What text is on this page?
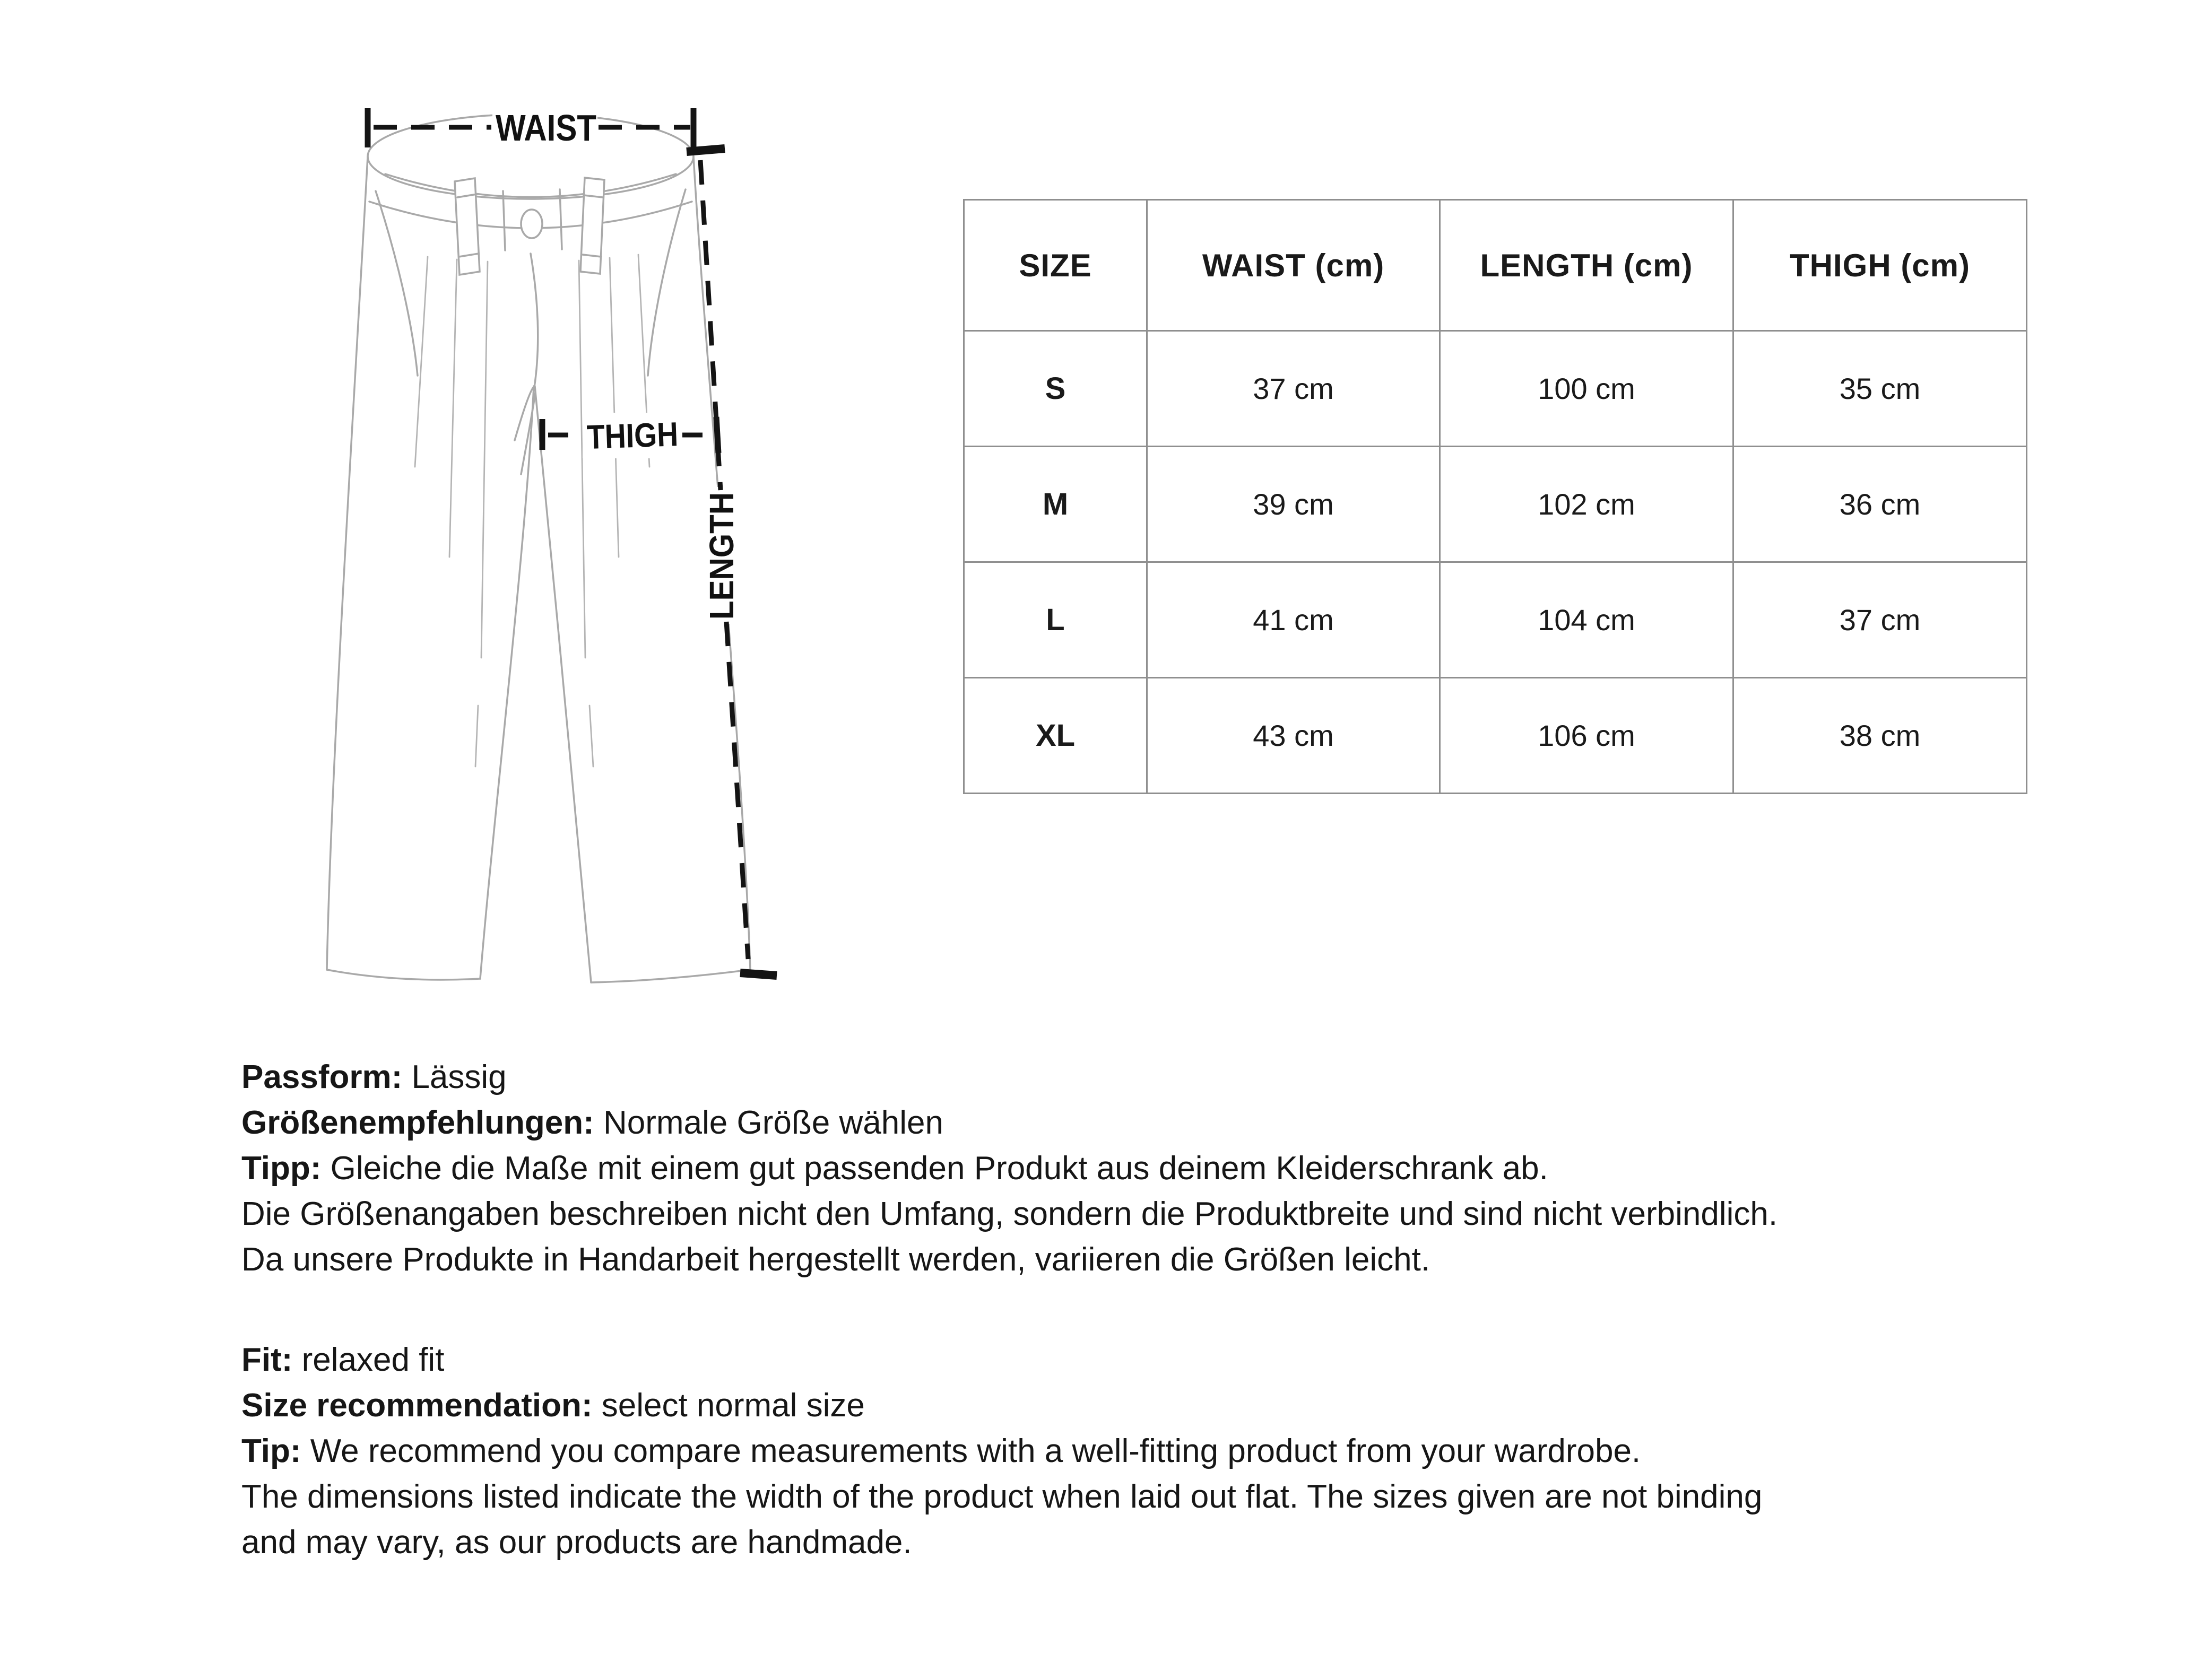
WAIST
THIGH
LENGTH
SIZE	WAIST (cm)	LENGTH (cm)	THIGH (cm)
S	37 cm	100 cm	35 cm
M	39 cm	102 cm	36 cm
L	41 cm	104 cm	37 cm
XL	43 cm	106 cm	38 cm

Passform: Lässig

Größenempfehlungen: Normale Größe wählen

Tipp: Gleiche die Maße mit einem gut passenden Produkt aus deinem Kleiderschrank ab.

Die Größenangaben beschreiben nicht den Umfang, sondern die Produktbreite und sind nicht verbindlich.

Da unsere Produkte in Handarbeit hergestellt werden, variieren die Größen leicht.

Fit: relaxed fit

Size recommendation: select normal size

Tip: We recommend you compare measurements with a well-fitting product from your wardrobe.

The dimensions listed indicate the width of the product when laid out flat. The sizes given are not binding

and may vary, as our products are handmade.
